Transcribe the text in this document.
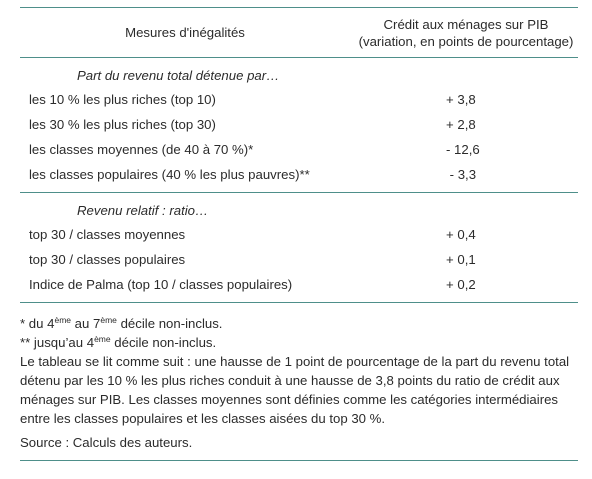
Mesures d'inégalités
Crédit aux ménages sur PIB
(variation, en points de pourcentage)
Part du revenu total détenue par…
les 10 % les plus riches (top 10)	+ 3,8
les 30 % les plus riches (top 30)	+ 2,8
les classes moyennes (de 40 à 70 %)*	- 12,6
les classes populaires (40 % les plus pauvres)**	- 3,3
Revenu relatif : ratio…
top 30 / classes moyennes	+ 0,4
top 30 / classes populaires	+ 0,1
Indice de Palma (top 10 / classes populaires)	+ 0,2

* du 4ème au 7ème décile non-inclus.

** jusqu’au 4ème décile non-inclus.

Le tableau se lit comme suit : une hausse de 1 point de pourcentage de la part du revenu total détenu par les 10 % les plus riches conduit à une hausse de 3,8 points du ratio de crédit aux ménages sur PIB. Les classes moyennes sont définies comme les catégories intermédiaires entre les classes populaires et les classes aisées du top 30 %.

Source : Calculs des auteurs.
